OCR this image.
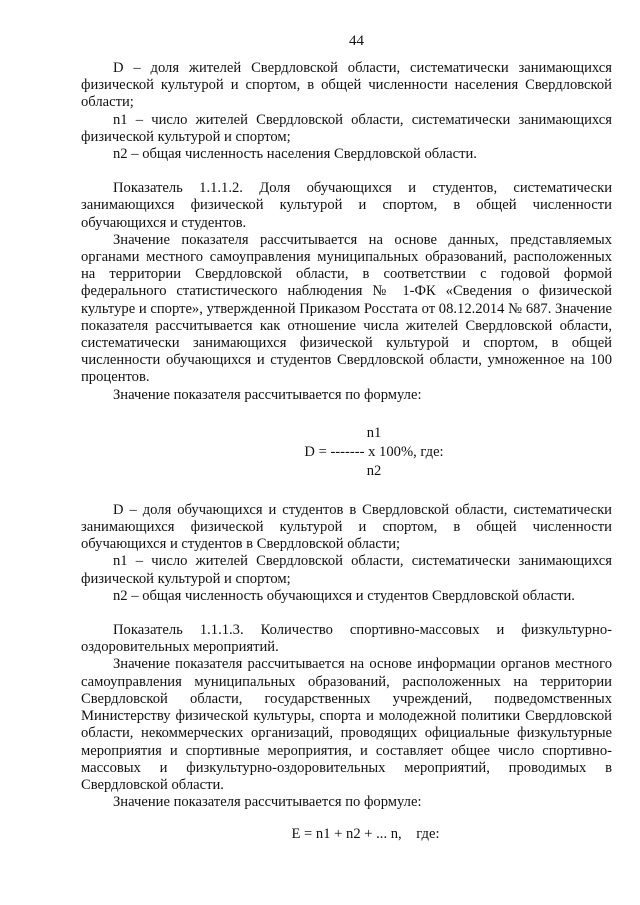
44

D – доля жителей Свердловской области, систематически занимающихся физической культурой и спортом, в общей численности населения Свердловской области;

n1 – число жителей Свердловской области, систематически занимающихся физической культурой и спортом;

n2 – общая численность населения Свердловской области.

Показатель 1.1.1.2. Доля обучающихся и студентов, систематически занимающихся физической культурой и спортом, в общей численности обучающихся и студентов.

Значение показателя рассчитывается на основе данных, представляемых органами местного самоуправления муниципальных образований, расположенных на территории Свердловской области, в соответствии с годовой формой федерального статистического наблюдения № 1-ФК «Сведения о физической культуре и спорте», утвержденной Приказом Росстата от 08.12.2014 № 687. Значение показателя рассчитывается как отношение числа жителей Свердловской области, систематически занимающихся физической культурой и спортом, в общей численности обучающихся и студентов Свердловской области, умноженное на 100 процентов.

Значение показателя рассчитывается по формуле:

n1
D = ------- x 100%, где:
n2

D – доля обучающихся и студентов в Свердловской области, систематически занимающихся физической культурой и спортом, в общей численности обучающихся и студентов в Свердловской области;

n1 – число жителей Свердловской области, систематически занимающихся физической культурой и спортом;

n2 – общая численность обучающихся и студентов Свердловской области.

Показатель 1.1.1.3. Количество спортивно-массовых и физкультурно-оздоровительных мероприятий.

Значение показателя рассчитывается на основе информации органов местного самоуправления муниципальных образований, расположенных на территории Свердловской области, государственных учреждений, подведомственных Министерству физической культуры, спорта и молодежной политики Свердловской области, некоммерческих организаций, проводящих официальные физкультурные мероприятия и спортивные мероприятия, и составляет общее число спортивно-массовых и физкультурно-оздоровительных мероприятий, проводимых в Свердловской области.

Значение показателя рассчитывается по формуле:

E = n1 + n2 + ... n,    где:
